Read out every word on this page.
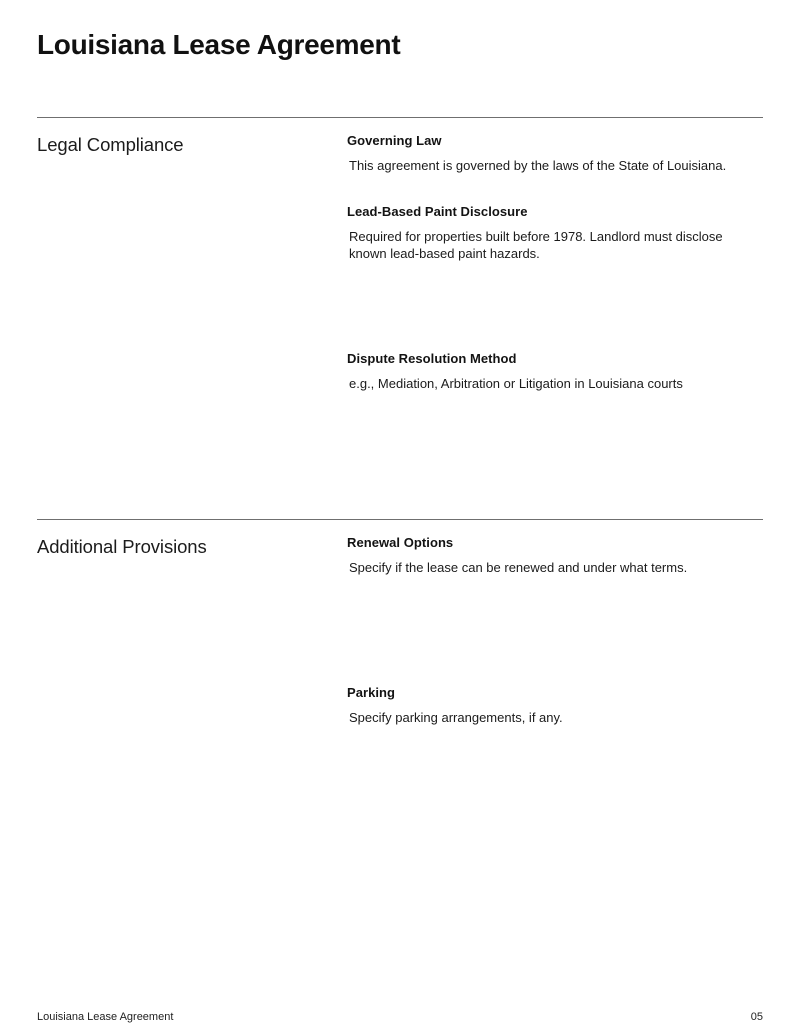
Louisiana Lease Agreement
Legal Compliance	Governing Law
This agreement is governed by the laws of the State of Louisiana.
Lead-Based Paint Disclosure
Required for properties built before 1978. Landlord must disclose known lead-based paint hazards.
Dispute Resolution Method
e.g., Mediation, Arbitration or Litigation in Louisiana courts
Additional Provisions	Renewal Options
Specify if the lease can be renewed and under what terms.
Parking
Specify parking arrangements, if any.
Louisiana Lease Agreement	05
